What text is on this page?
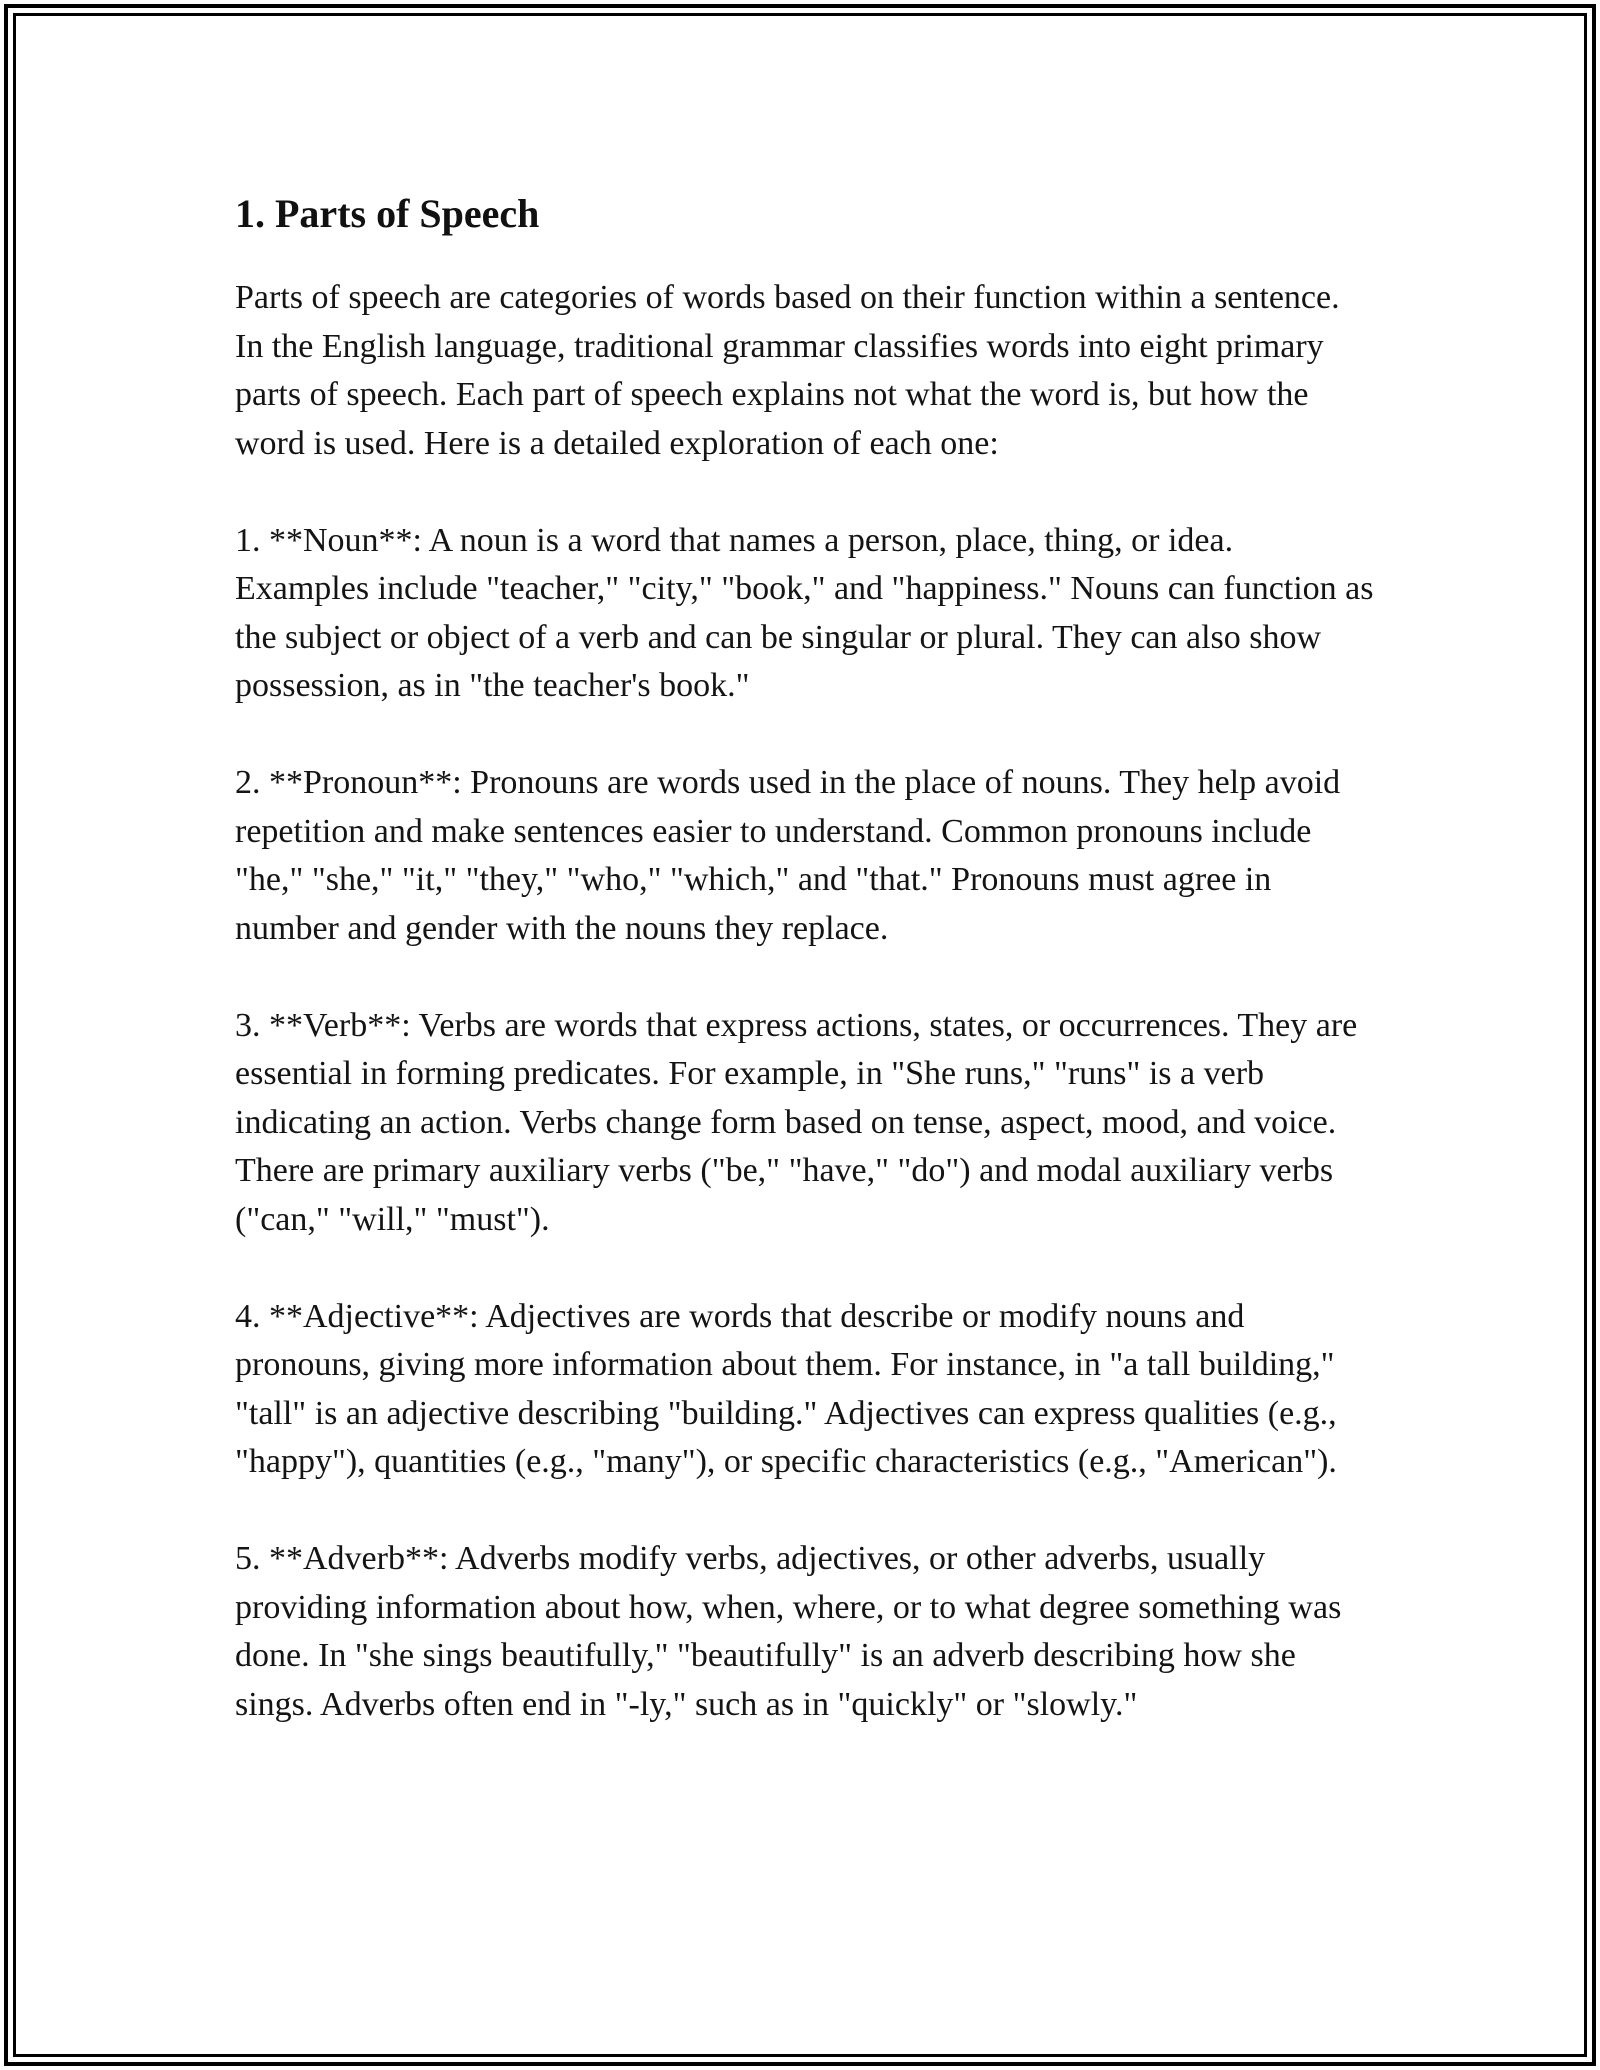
1. Parts of Speech

Parts of speech are categories of words based on their function within a sentence. In the English language, traditional grammar classifies words into eight primary parts of speech. Each part of speech explains not what the word is, but how the word is used. Here is a detailed exploration of each one:

1. **Noun**: A noun is a word that names a person, place, thing, or idea. Examples include "teacher," "city," "book," and "happiness." Nouns can function as the subject or object of a verb and can be singular or plural. They can also show possession, as in "the teacher's book."

2. **Pronoun**: Pronouns are words used in the place of nouns. They help avoid repetition and make sentences easier to understand. Common pronouns include "he," "she," "it," "they," "who," "which," and "that." Pronouns must agree in number and gender with the nouns they replace.

3. **Verb**: Verbs are words that express actions, states, or occurrences. They are essential in forming predicates. For example, in "She runs," "runs" is a verb indicating an action. Verbs change form based on tense, aspect, mood, and voice. There are primary auxiliary verbs ("be," "have," "do") and modal auxiliary verbs ("can," "will," "must").

4. **Adjective**: Adjectives are words that describe or modify nouns and pronouns, giving more information about them. For instance, in "a tall building," "tall" is an adjective describing "building." Adjectives can express qualities (e.g., "happy"), quantities (e.g., "many"), or specific characteristics (e.g., "American").

5. **Adverb**: Adverbs modify verbs, adjectives, or other adverbs, usually providing information about how, when, where, or to what degree something was done. In "she sings beautifully," "beautifully" is an adverb describing how she sings. Adverbs often end in "-ly," such as in "quickly" or "slowly."
